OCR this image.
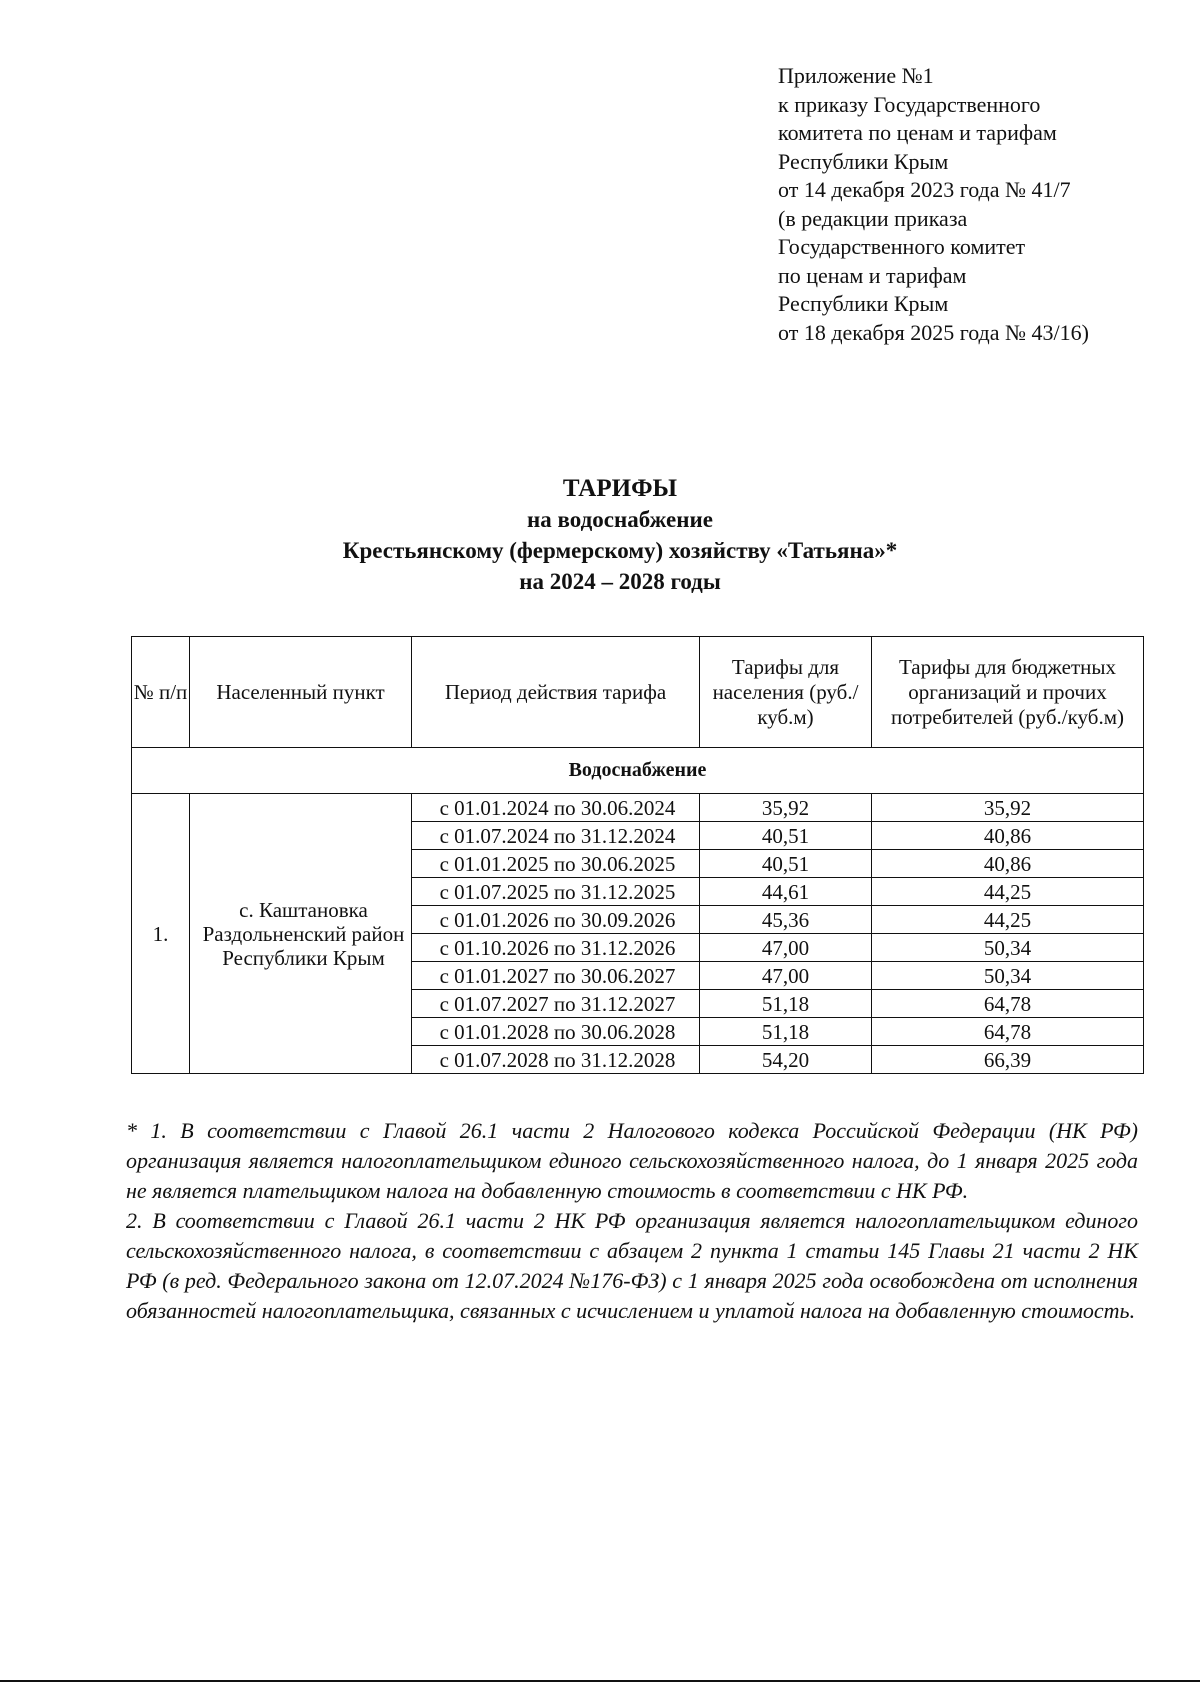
Приложение №1
к приказу Государственного
комитета по ценам и тарифам
Республики Крым
от 14 декабря 2023 года № 41/7
(в редакции приказа
Государственного комитет
по ценам и тарифам
Республики Крым
от 18 декабря 2025 года № 43/16)
ТАРИФЫ
на водоснабжение
Крестьянскому (фермерскому) хозяйству «Татьяна»*
на 2024 – 2028 годы
№ п/п	Населенный пункт	Период действия тарифа	Тарифы для населения (руб./куб.м)	Тарифы для бюджетных организаций и прочих потребителей (руб./куб.м)
Водоснабжение				
1.	с. Каштановка Раздольненский район Республики Крым	с 01.01.2024 по 30.06.2024	35,92	35,92
		с 01.07.2024 по 31.12.2024	40,51	40,86
		с 01.01.2025 по 30.06.2025	40,51	40,86
		с 01.07.2025 по 31.12.2025	44,61	44,25
		с 01.01.2026 по 30.09.2026	45,36	44,25
		с 01.10.2026 по 31.12.2026	47,00	50,34
		с 01.01.2027 по 30.06.2027	47,00	50,34
		с 01.07.2027 по 31.12.2027	51,18	64,78
		с 01.01.2028 по 30.06.2028	51,18	64,78
		с 01.07.2028 по 31.12.2028	54,20	66,39

* 1. В соответствии с Главой 26.1 части 2 Налогового кодекса Российской Федерации (НК РФ) организация является налогоплательщиком единого сельскохозяйственного налога, до 1 января 2025 года не является плательщиком налога на добавленную стоимость в соответствии с НК РФ.

2. В соответствии с Главой 26.1 части 2 НК РФ организация является налогоплательщиком единого сельскохозяйственного налога, в соответствии с абзацем 2 пункта 1 статьи 145 Главы 21 части 2 НК РФ (в ред. Федерального закона от 12.07.2024 №176-ФЗ) с 1 января 2025 года освобождена от исполнения обязанностей налогоплательщика, связанных с исчислением и уплатой налога на добавленную стоимость.
